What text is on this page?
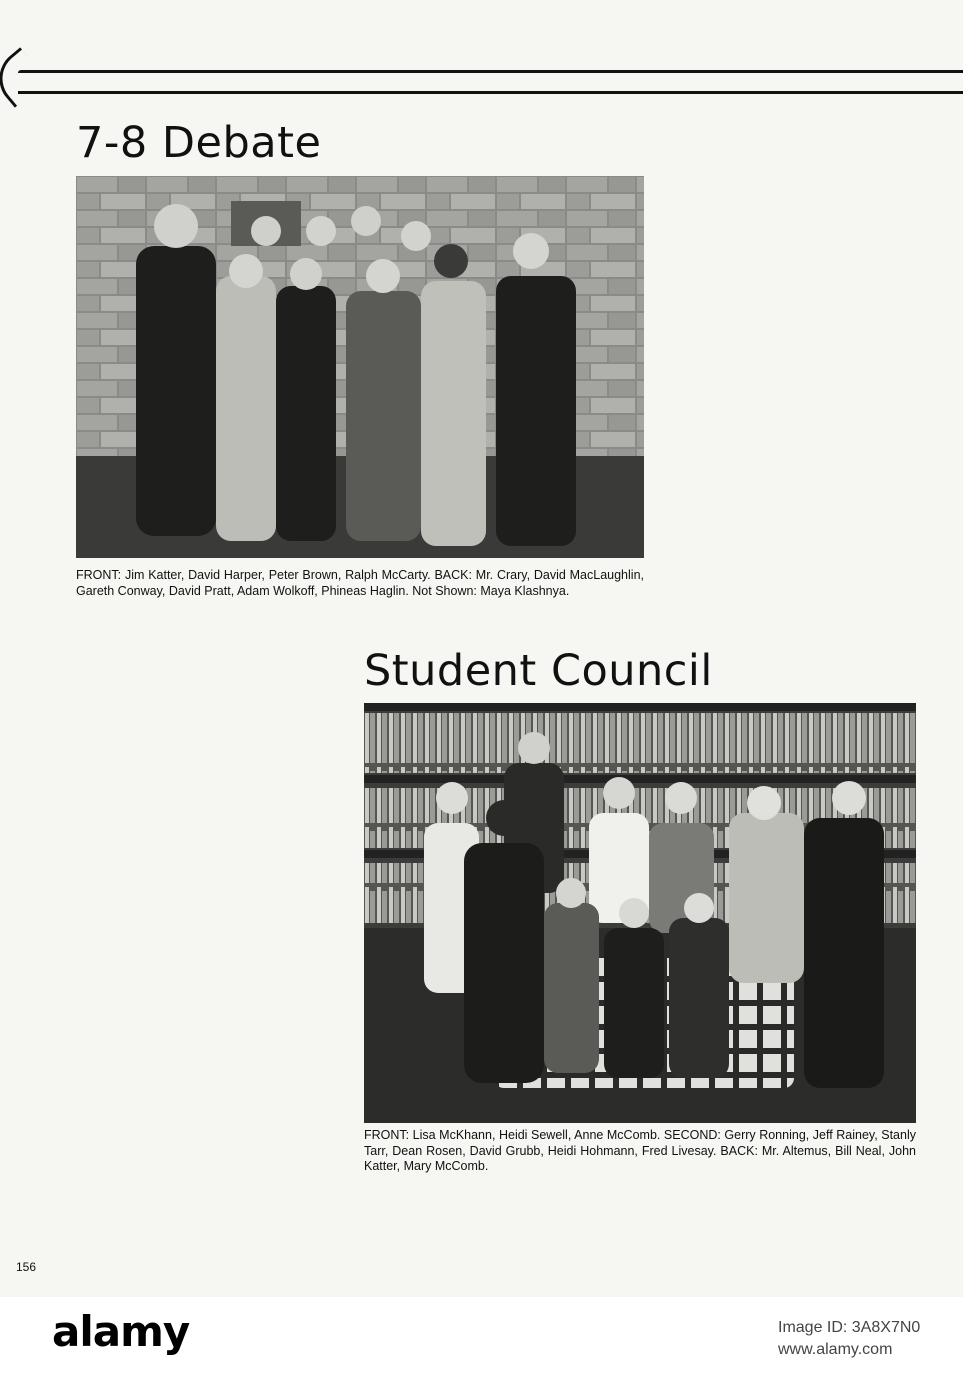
7-8 Debate

FRONT: Jim Katter, David Harper, Peter Brown, Ralph McCarty. BACK: Mr. Crary, David MacLaughlin, Gareth Conway, David Pratt, Adam Wolkoff, Phineas Haglin. Not Shown: Maya Klashnya.

Student Council

FRONT: Lisa McKhann, Heidi Sewell, Anne McComb. SECOND: Gerry Ronning, Jeff Rainey, Stanly Tarr, Dean Rosen, David Grubb, Heidi Hohmann, Fred Livesay. BACK: Mr. Altemus, Bill Neal, John Katter, Mary McComb.

156
alamy	Image ID: 3A8X7N0
www.alamy.com
